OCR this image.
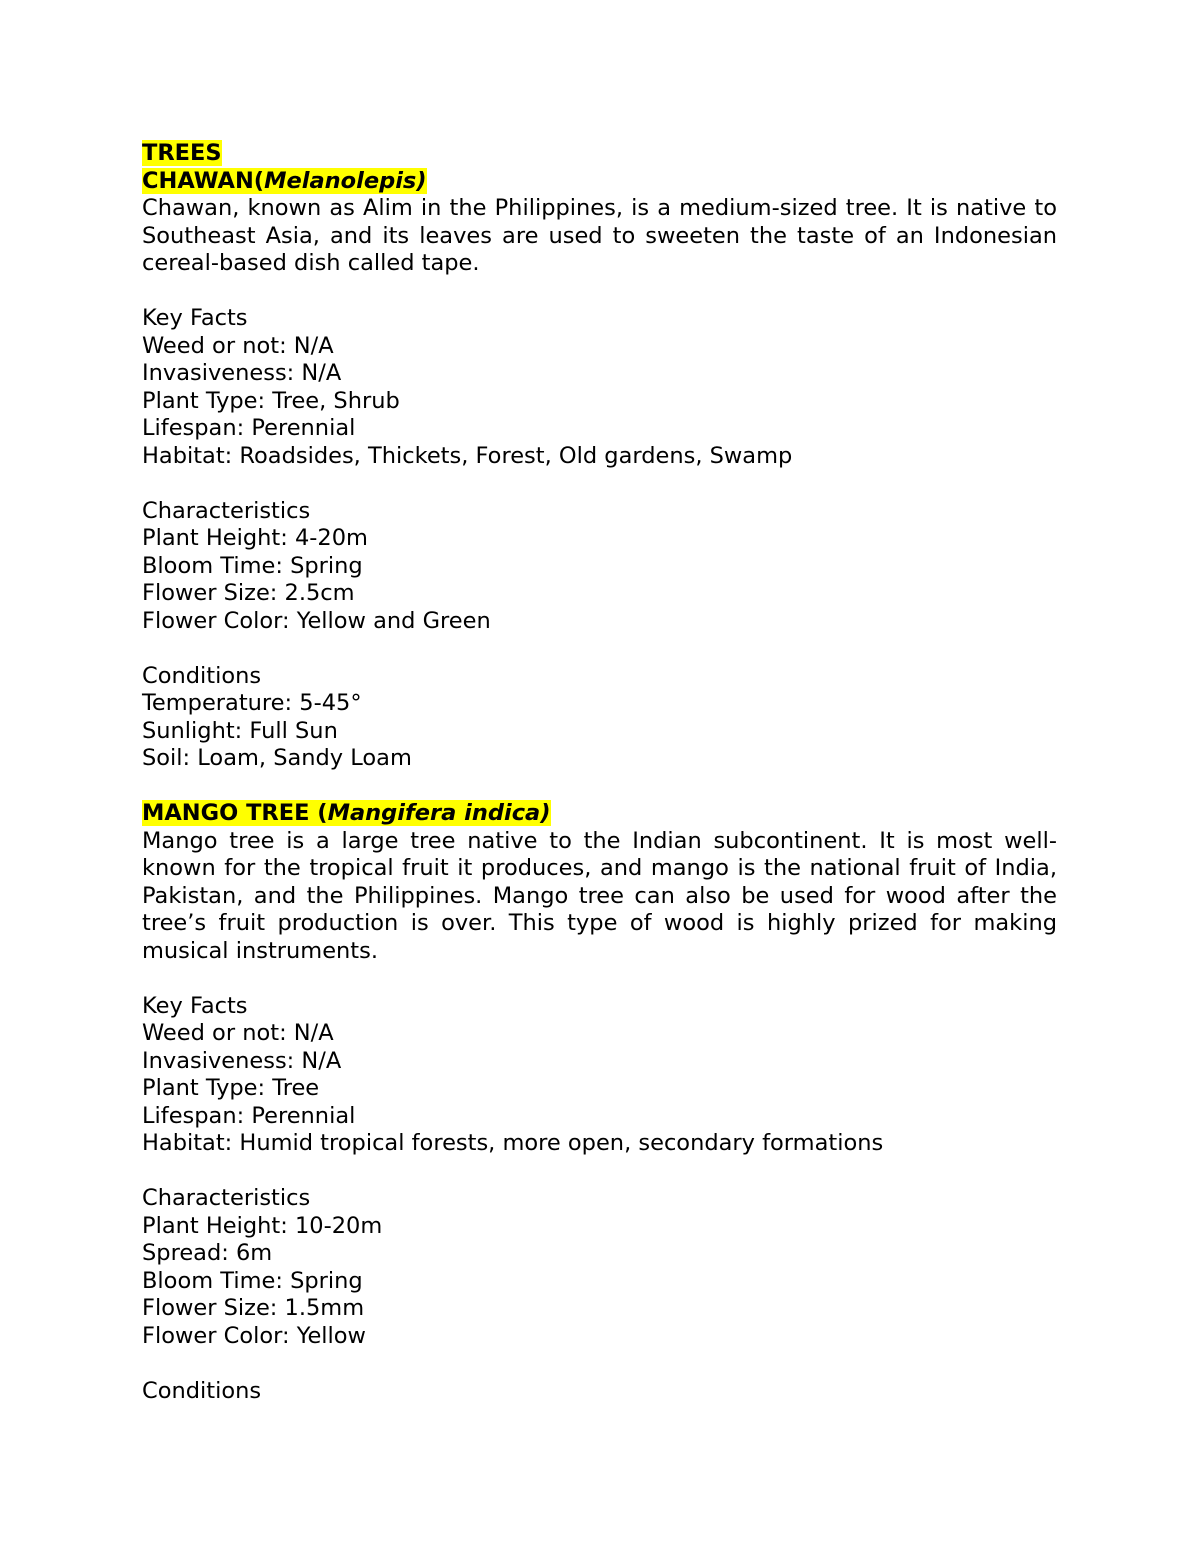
TREES

CHAWAN(Melanolepis)

Chawan, known as Alim in the Philippines, is a medium-sized tree. It is native to Southeast Asia, and its leaves are used to sweeten the taste of an Indonesian cereal-based dish called tape.

Key Facts

Weed or not: N/A

Invasiveness: N/A

Plant Type: Tree, Shrub

Lifespan: Perennial

Habitat: Roadsides, Thickets, Forest, Old gardens, Swamp

Characteristics

Plant Height: 4-20m

Bloom Time: Spring

Flower Size: 2.5cm

Flower Color: Yellow and Green

Conditions

Temperature: 5-45°

Sunlight: Full Sun

Soil: Loam, Sandy Loam

MANGO TREE (Mangifera indica)

Mango tree is a large tree native to the Indian subcontinent. It is most well-known for the tropical fruit it produces, and mango is the national fruit of India, Pakistan, and the Philippines. Mango tree can also be used for wood after the tree’s fruit production is over. This type of wood is highly prized for making musical instruments.

Key Facts

Weed or not: N/A

Invasiveness: N/A

Plant Type: Tree

Lifespan: Perennial

Habitat: Humid tropical forests, more open, secondary formations

Characteristics

Plant Height: 10-20m

Spread: 6m

Bloom Time: Spring

Flower Size: 1.5mm

Flower Color: Yellow

Conditions
